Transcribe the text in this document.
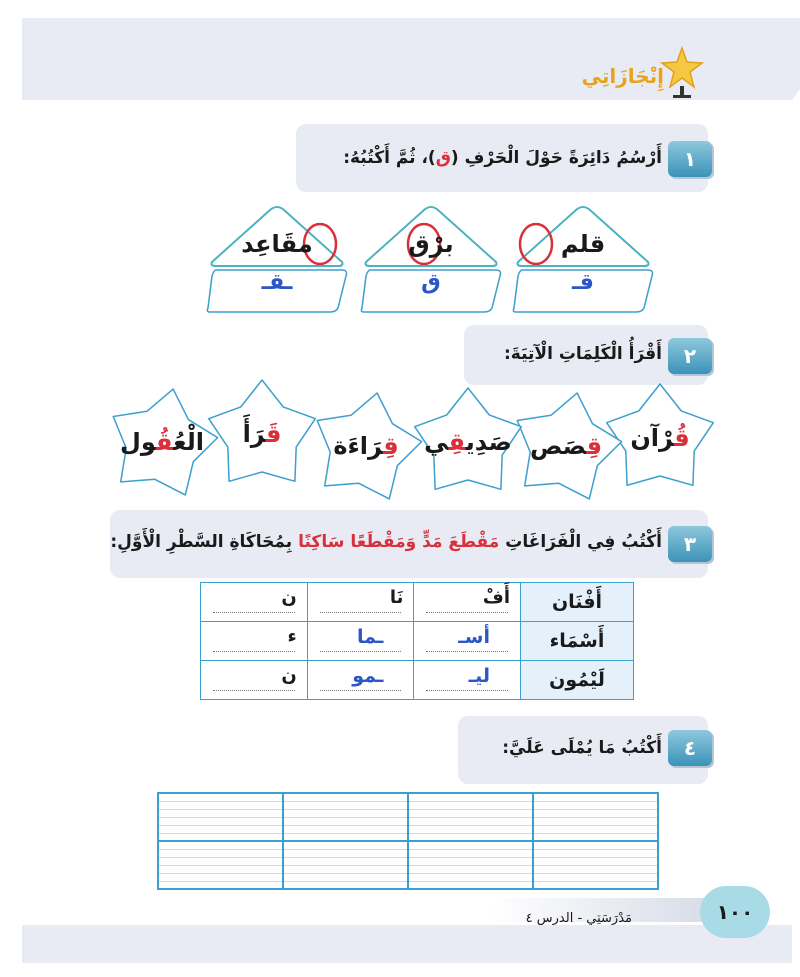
إِنْجَازَاتِي
١
أَرْسُمُ دَائِرَةً حَوْلَ الْحَرْفِ (ق)، ثُمَّ أَكْتُبُهُ:
قلم
قـ
برْق
ق
مقَاعِد
ـقـ
٢
أَقْرَأُ الْكَلِمَاتِ الْآتِيَةَ:
قُرْآن
قِصَص
صَدِيقِي
قِرَاءَة
قَرَأَ
الْعُقُول
٣
أَكْتُبُ فِي الْفَرَاغَاتِ مَقْطَعَ مَدٍّ وَمَقْطَعًا سَاكِنًا بِمُحَاكَاةِ السَّطْرِ الْأَوَّلِ:
أَفْنَان	أَفْ	نَا	ن

أَسْمَاء	أسـ	ـما	ء

لَيْمُون	ليـ	ـمو	ن
٤
أَكْتُبُ مَا يُمْلَى عَلَيَّ:
مَدْرَسَتِي - الدرس ٤	١٠٠
